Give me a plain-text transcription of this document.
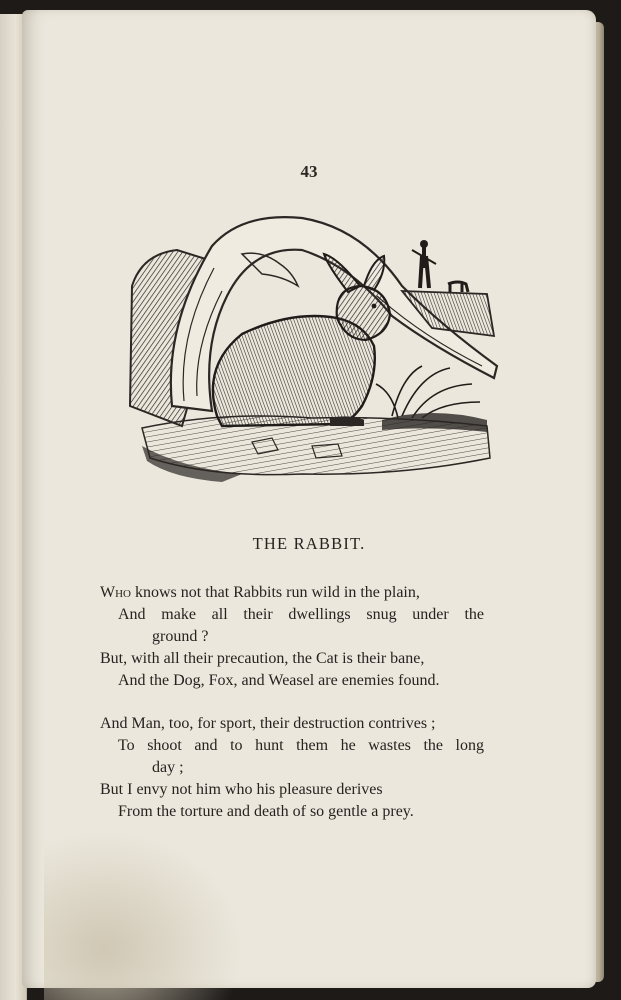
43
THE RABBIT.
Who knows not that Rabbits run wild in the plain,
And make all their dwellings snug under the
ground ?
But, with all their precaution, the Cat is their bane,
And the Dog, Fox, and Weasel are enemies found.
And Man, too, for sport, their destruction contrives ;
To shoot and to hunt them he wastes the long
day ;
But I envy not him who his pleasure derives
From the torture and death of so gentle a prey.
